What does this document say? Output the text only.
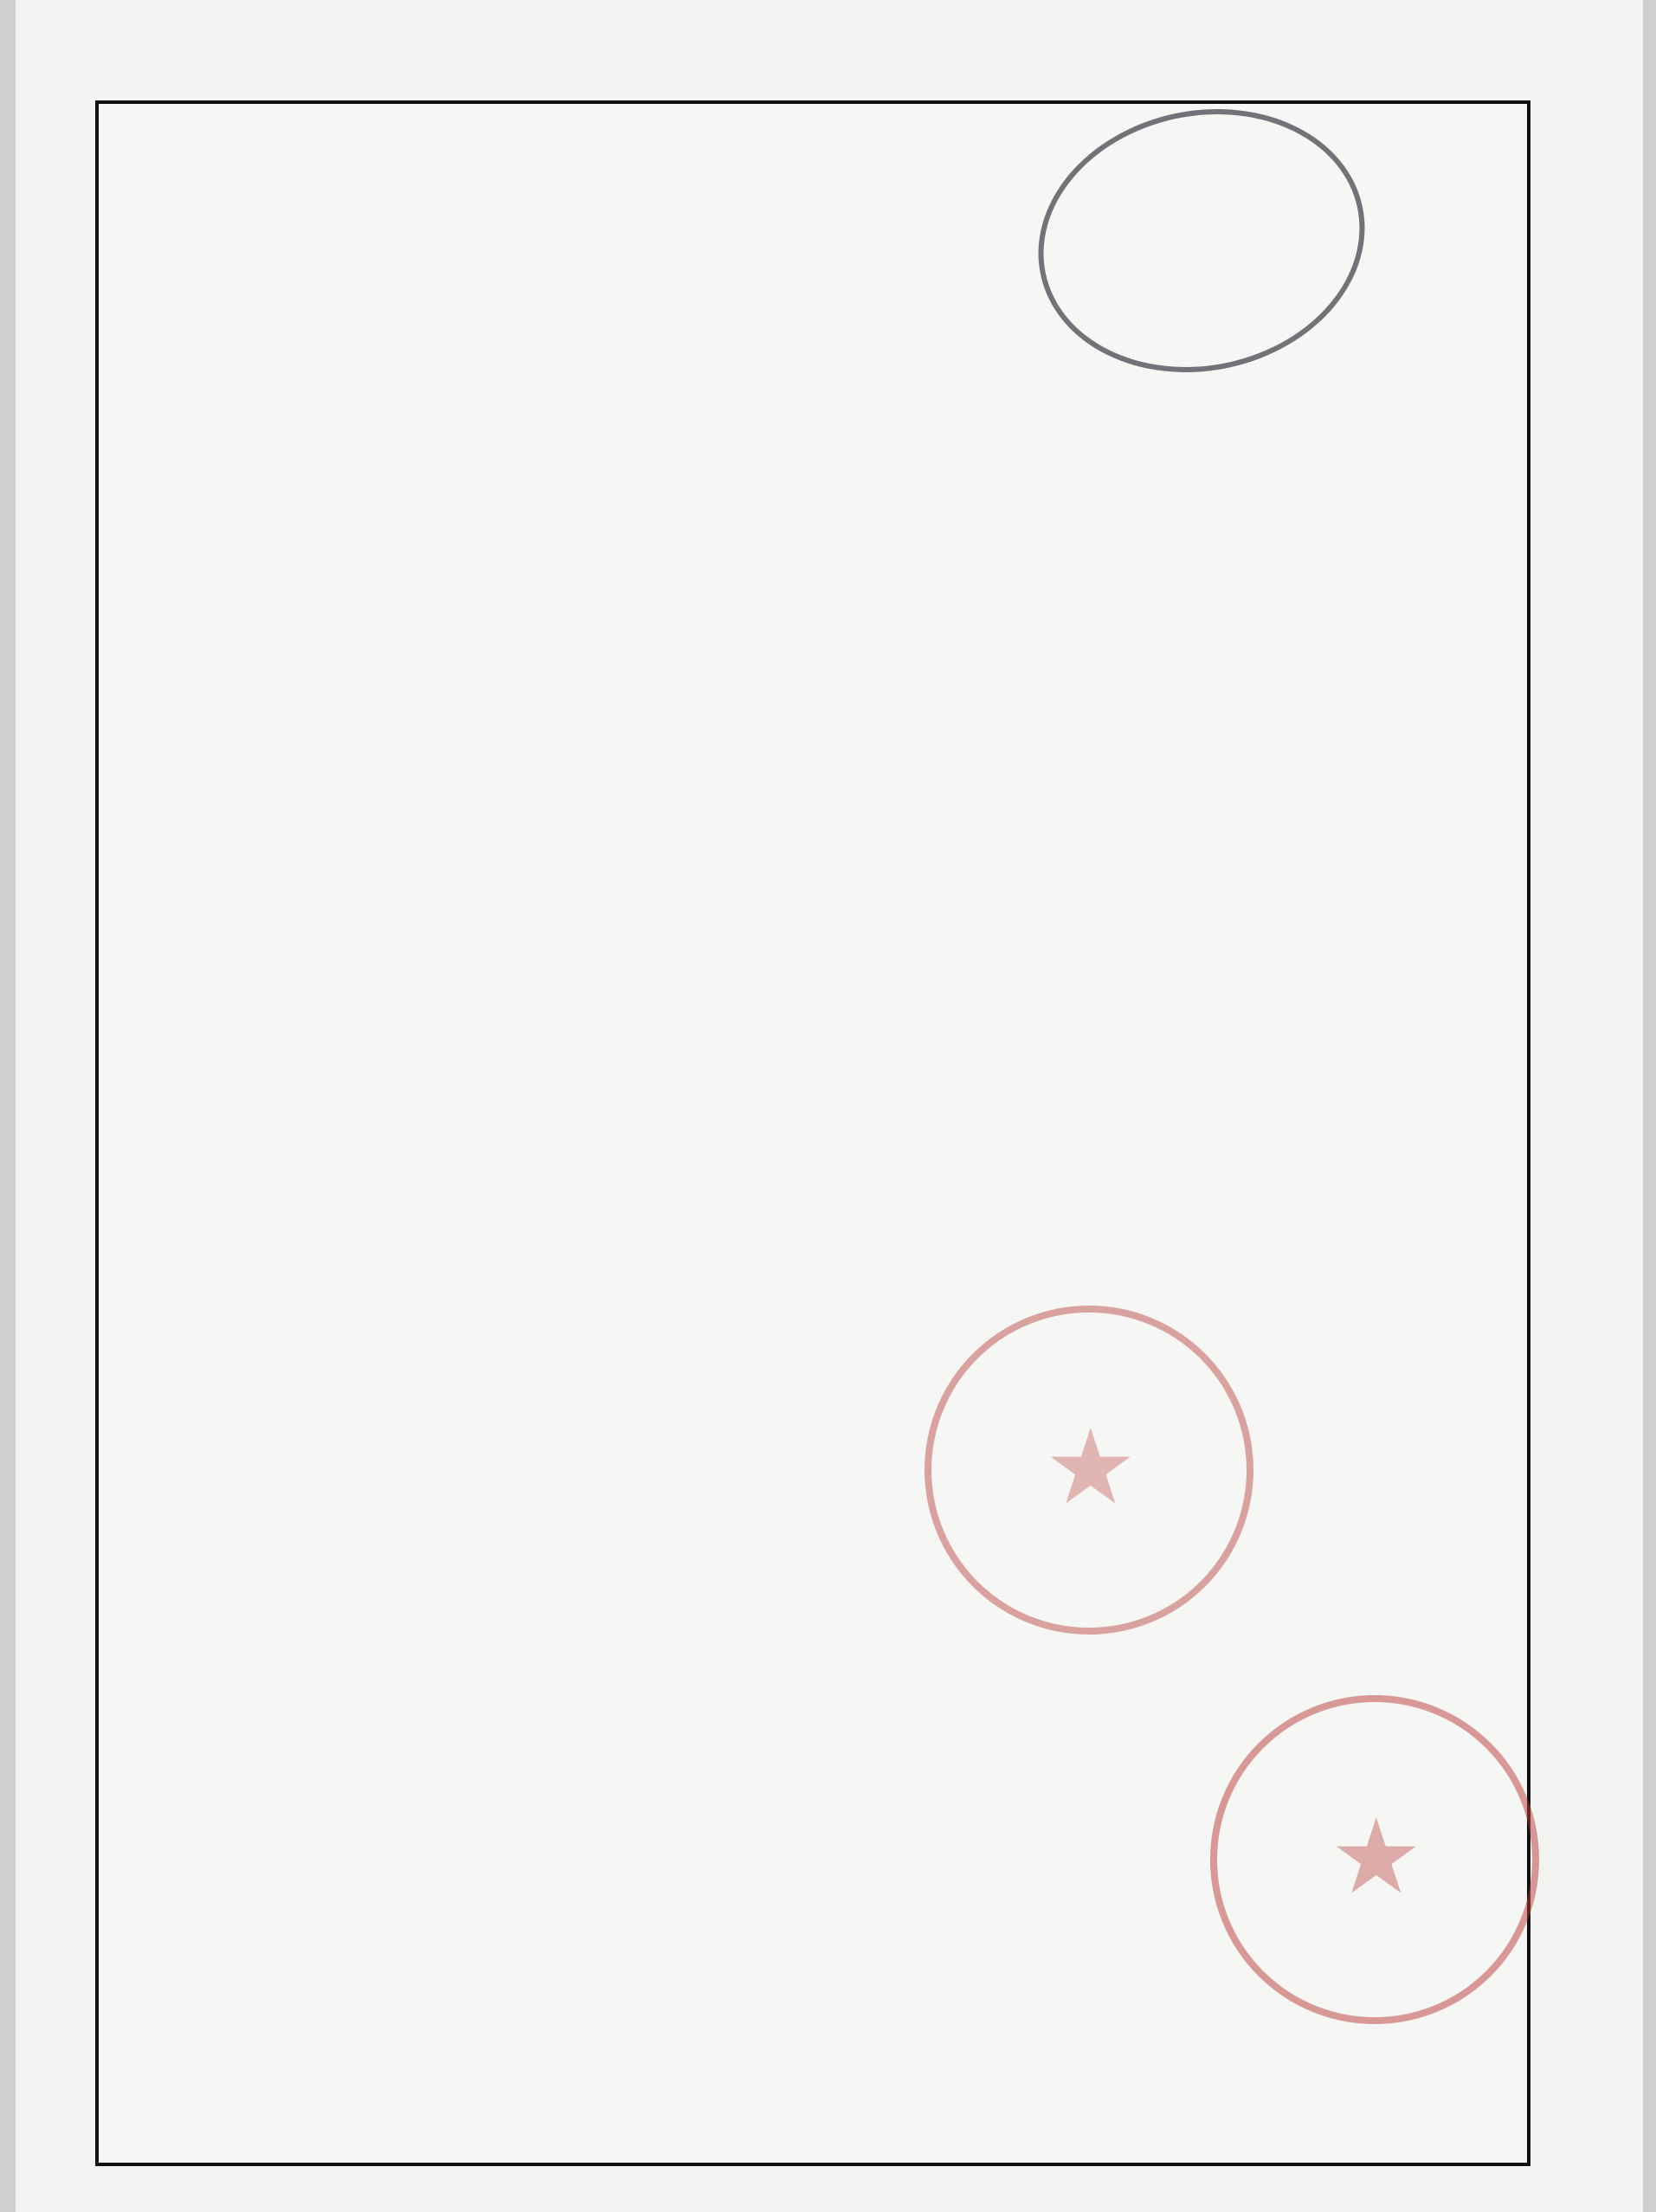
★
★
